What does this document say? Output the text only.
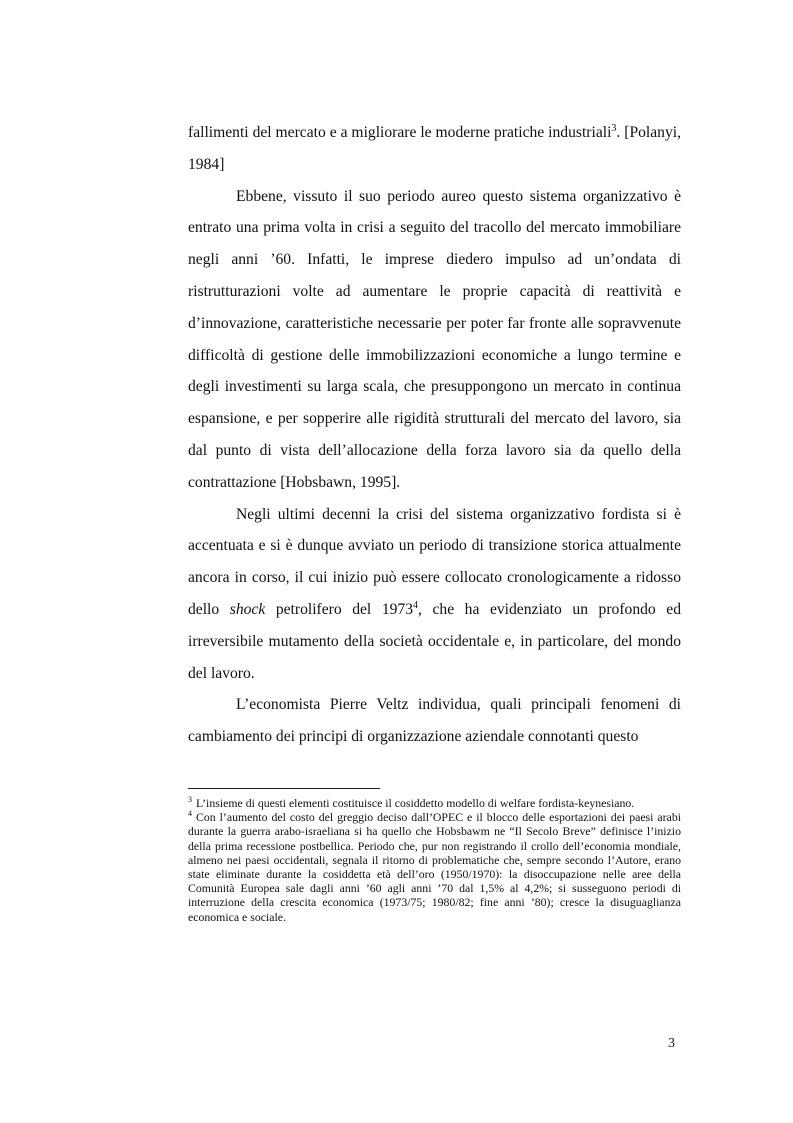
fallimenti del mercato e a migliorare le moderne pratiche industriali$^3$. [Polanyi, 1984]

Ebbene, vissuto il suo periodo aureo questo sistema organizzativo è entrato una prima volta in crisi a seguito del tracollo del mercato immobiliare negli anni ’60. Infatti, le imprese diedero impulso ad un’ondata di ristrutturazioni volte ad aumentare le proprie capacità di reattività e d’innovazione, caratteristiche necessarie per poter far fronte alle sopravvenute difficoltà di gestione delle immobilizzazioni economiche a lungo termine e degli investimenti su larga scala, che presuppongono un mercato in continua espansione, e per sopperire alle rigidità strutturali del mercato del lavoro, sia dal punto di vista dell’allocazione della forza lavoro sia da quello della contrattazione [Hobsbawn, 1995].

Negli ultimi decenni la crisi del sistema organizzativo fordista si è accentuata e si è dunque avviato un periodo di transizione storica attualmente ancora in corso, il cui inizio può essere collocato cronologicamente a ridosso dello shock petrolifero del 1973$^4$, che ha evidenziato un profondo ed irreversibile mutamento della società occidentale e, in particolare, del mondo del lavoro.

L’economista Pierre Veltz individua, quali principali fenomeni di cambiamento dei principi di organizzazione aziendale connotanti questo

$^3$ L’insieme di questi elementi costituisce il cosiddetto modello di welfare fordista-keynesiano.

$^4$ Con l’aumento del costo del greggio deciso dall’OPEC e il blocco delle esportazioni dei paesi arabi durante la guerra arabo-israeliana si ha quello che Hobsbawm ne “Il Secolo Breve” definisce l’inizio della prima recessione postbellica. Periodo che, pur non registrando il crollo dell’economia mondiale, almeno nei paesi occidentali, segnala il ritorno di problematiche che, sempre secondo l’Autore, erano state eliminate durante la cosiddetta età dell’oro (1950/1970): la disoccupazione nelle aree della Comunità Europea sale dagli anni ’60 agli anni ’70 dal 1,5% al 4,2%; si susseguono periodi di interruzione della crescita economica (1973/75; 1980/82; fine anni ’80); cresce la disuguaglianza economica e sociale.

3
